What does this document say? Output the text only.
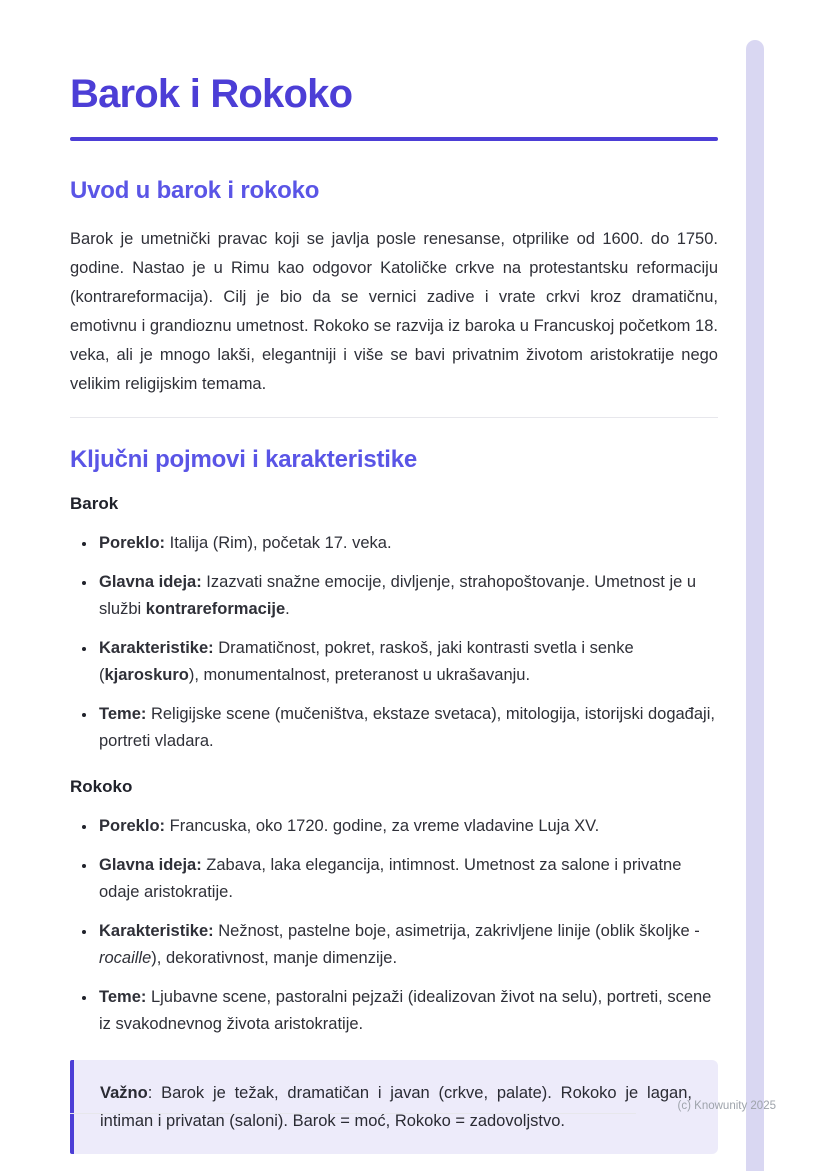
Barok i Rokoko
Uvod u barok i rokoko

Barok je umetnički pravac koji se javlja posle renesanse, otprilike od 1600. do 1750. godine. Nastao je u Rimu kao odgovor Katoličke crkve na protestantsku reformaciju (kontrareformacija). Cilj je bio da se vernici zadive i vrate crkvi kroz dramatičnu, emotivnu i grandioznu umetnost. Rokoko se razvija iz baroka u Francuskoj početkom 18. veka, ali je mnogo lakši, elegantniji i više se bavi privatnim životom aristokratije nego velikim religijskim temama.

Ključni pojmovi i karakteristike
Barok
• Poreklo: Italija (Rim), početak 17. veka.
• Glavna ideja: Izazvati snažne emocije, divljenje, strahopoštovanje. Umetnost je u službi kontrareformacije.
• Karakteristike: Dramatičnost, pokret, raskoš, jaki kontrasti svetla i senke (kjaroskuro), monumentalnost, preteranost u ukrašavanju.
• Teme: Religijske scene (mučeništva, ekstaze svetaca), mitologija, istorijski događaji, portreti vladara.
Rokoko
• Poreklo: Francuska, oko 1720. godine, za vreme vladavine Luja XV.
• Glavna ideja: Zabava, laka elegancija, intimnost. Umetnost za salone i privatne odaje aristokratije.
• Karakteristike: Nežnost, pastelne boje, asimetrija, zakrivljene linije (oblik školjke - rocaille), dekorativnost, manje dimenzije.
• Teme: Ljubavne scene, pastoralni pejzaži (idealizovan život na selu), portreti, scene iz svakodnevnog života aristokratije.

Važno: Barok je težak, dramatičan i javan (crkve, palate). Rokoko je lagan, intiman i privatan (saloni). Barok = moć, Rokoko = zadovoljstvo.

(c) Knowunity 2025
